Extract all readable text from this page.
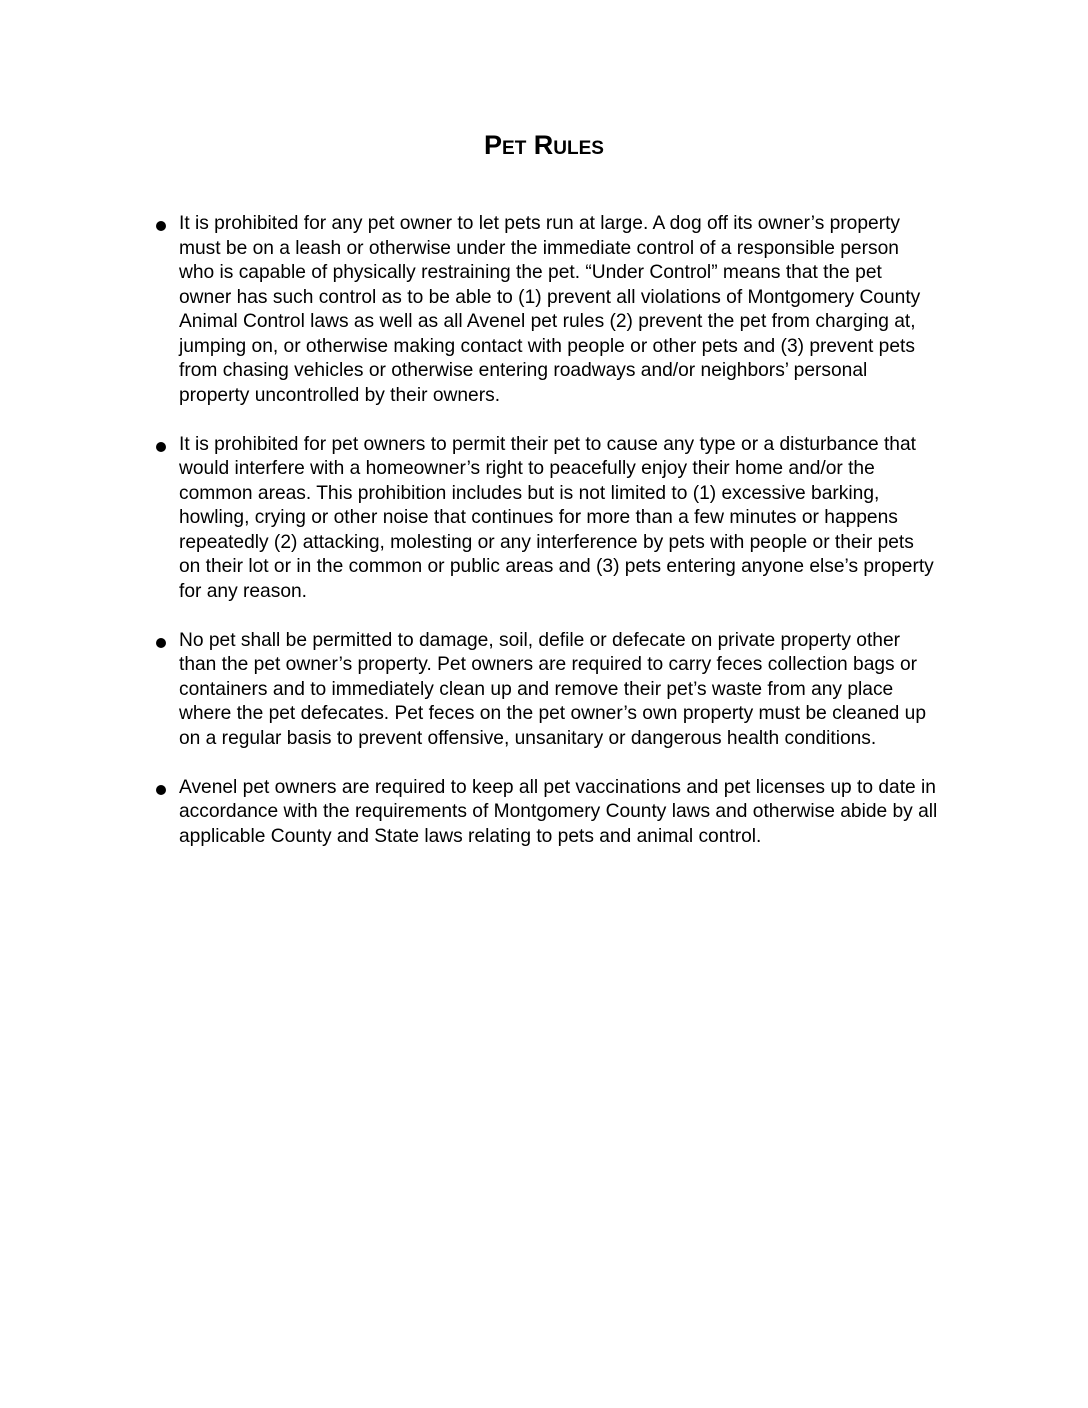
Pet Rules
It is prohibited for any pet owner to let pets run at large. A dog off its owner’s property must be on a leash or otherwise under the immediate control of a responsible person who is capable of physically restraining the pet. “Under Control” means that the pet owner has such control as to be able to (1) prevent all violations of Montgomery County Animal Control laws as well as all Avenel pet rules (2) prevent the pet from charging at, jumping on, or otherwise making contact with people or other pets and (3) prevent pets from chasing vehicles or otherwise entering roadways and/or neighbors’ personal property uncontrolled by their owners.
It is prohibited for pet owners to permit their pet to cause any type or a disturbance that would interfere with a homeowner’s right to peacefully enjoy their home and/or the common areas. This prohibition includes but is not limited to (1) excessive barking, howling, crying or other noise that continues for more than a few minutes or happens repeatedly (2) attacking, molesting or any interference by pets with people or their pets on their lot or in the common or public areas and (3) pets entering anyone else’s property for any reason.
No pet shall be permitted to damage, soil, defile or defecate on private property other than the pet owner’s property. Pet owners are required to carry feces collection bags or containers and to immediately clean up and remove their pet’s waste from any place where the pet defecates. Pet feces on the pet owner’s own property must be cleaned up on a regular basis to prevent offensive, unsanitary or dangerous health conditions.
Avenel pet owners are required to keep all pet vaccinations and pet licenses up to date in accordance with the requirements of Montgomery County laws and otherwise abide by all applicable County and State laws relating to pets and animal control.
